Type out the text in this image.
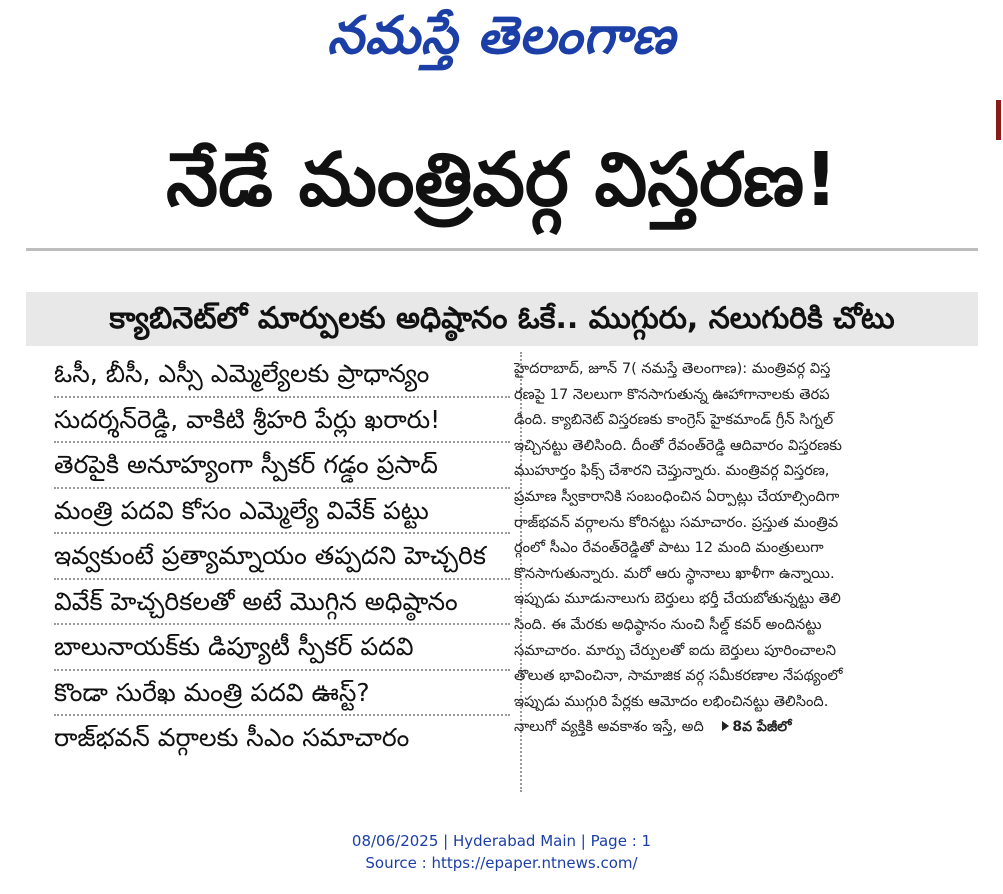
నమస్తే తెలంగాణ
నేడే మంత్రివర్గ విస్తరణ!
క్యాబినెట్‌లో మార్పులకు అధిష్ఠానం ఓకే.. ముగ్గురు, నలుగురికి చోటు
ఓసీ, బీసీ, ఎస్సీ ఎమ్మెల్యేలకు ప్రాధాన్యం
సుదర్శన్‌రెడ్డి, వాకిటి శ్రీహరి పేర్లు ఖరారు!
తెరపైకి అనూహ్యంగా స్పీకర్ గడ్డం ప్రసాద్
మంత్రి పదవి కోసం ఎమ్మెల్యే వివేక్ పట్టు
ఇవ్వకుంటే ప్రత్యామ్నాయం తప్పదని హెచ్చరిక
వివేక్ హెచ్చరికలతో అటే మొగ్గిన అధిష్ఠానం
బాలునాయక్‌కు డిప్యూటీ స్పీకర్ పదవి
కొండా సురేఖ మంత్రి పదవి ఊస్ట్?
రాజ్‌భవన్ వర్గాలకు సీఎం సమాచారం

హైదరాబాద్, జూన్ 7( నమస్తే తెలంగాణ): మంత్రివర్గ విస్త

రణపై 17 నెలలుగా కొనసాగుతున్న ఊహాగానాలకు తెరప

డింది. క్యాబినెట్ విస్తరణకు కాంగ్రెస్ హైకమాండ్ గ్రీన్ సిగ్నల్

ఇచ్చినట్టు తెలిసింది. దీంతో రేవంత్‌రెడ్డి ఆదివారం విస్తరణకు

ముహూర్తం ఫిక్స్ చేశారని చెప్తున్నారు. మంత్రివర్గ విస్తరణ,

ప్రమాణ స్వీకారానికి సంబంధించిన ఏర్పాట్లు చేయాల్సిందిగా

రాజ్‌భవన్ వర్గాలను కోరినట్టు సమాచారం. ప్రస్తుత మంత్రివ

ర్గంలో సీఎం రేవంత్‌రెడ్డితో పాటు 12 మంది మంత్రులుగా

కొనసాగుతున్నారు. మరో ఆరు స్థానాలు ఖాళీగా ఉన్నాయి.

ఇప్పుడు మూడునాలుగు బెర్తులు భర్తీ చేయబోతున్నట్టు తెలి

సింది. ఈ మేరకు అధిష్ఠానం నుంచి సీల్డ్ కవర్ అందినట్టు

సమాచారం. మార్పు చేర్పులతో ఐదు బెర్తులు పూరించాలని

తొలుత భావించినా, సామాజిక వర్గ సమీకరణాల నేపథ్యంలో

ఇప్పుడు ముగ్గురి పేర్లకు ఆమోదం లభించినట్టు తెలిసింది.

నాలుగో వ్యక్తికి అవకాశం ఇస్తే, అది 8వ పేజీలో

08/06/2025 | Hyderabad Main | Page : 1
Source : https://epaper.ntnews.com/
